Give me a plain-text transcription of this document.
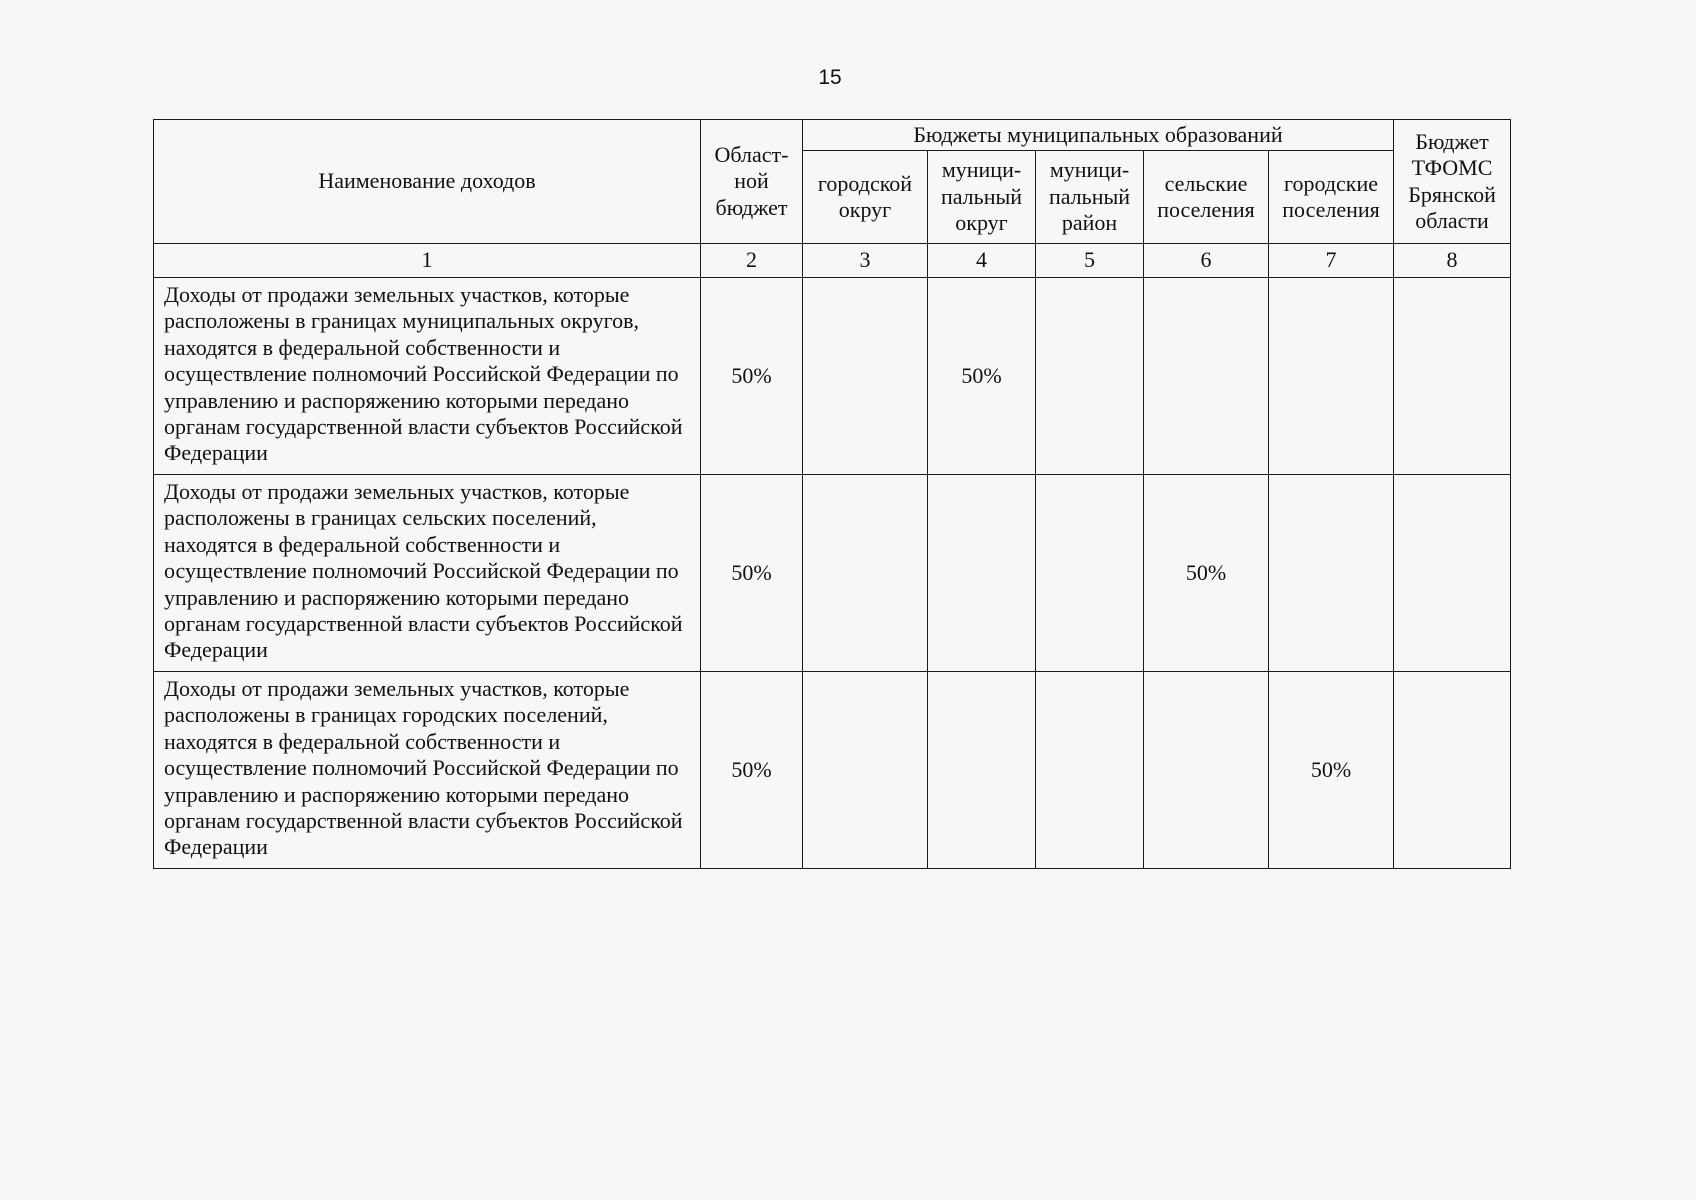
15
Наименование доходов	Област-ной бюджет	Бюджеты муниципальных образований					Бюджет ТФОМС Брянской области
		городской округ	муници-пальный округ	муници-пальный район	сельские поселения	городские поселения	
1	2	3	4	5	6	7	8
Доходы от продажи земельных участков, которые расположены в границах муниципальных округов, находятся в федеральной собственности и осуществление полномочий Российской Федерации по управлению и распоряжению которыми передано органам государственной власти субъектов Российской Федерации	50%		50%				
Доходы от продажи земельных участков, которые расположены в границах сельских поселений, находятся в федеральной собственности и осуществление полномочий Российской Федерации по управлению и распоряжению которыми передано органам государственной власти субъектов Российской Федерации	50%				50%		
Доходы от продажи земельных участков, которые расположены в границах городских поселений, находятся в федеральной собственности и осуществление полномочий Российской Федерации по управлению и распоряжению которыми передано органам государственной власти субъектов Российской Федерации	50%					50%	
